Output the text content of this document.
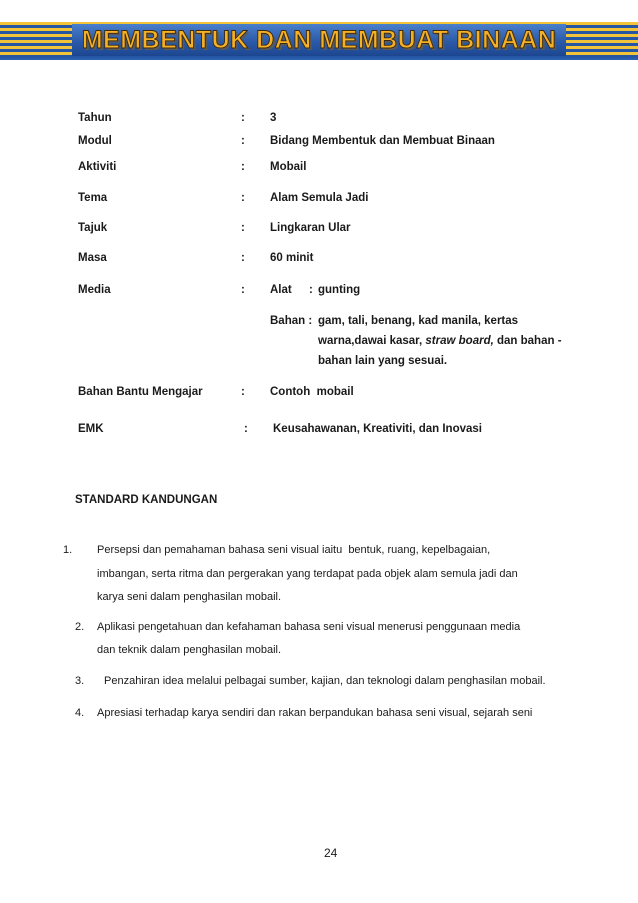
MEMBENTUK DAN MEMBUAT BINAAN
Tahun	: 3
Modul	: Bidang Membentuk dan Membuat Binaan
Aktiviti	: Mobail
Tema	: Alam Semula Jadi
Tajuk	: Lingkaran Ular
Masa	: 60 minit
Media	: Alat : gunting
Bahan : gam, tali, benang, kad manila, kertas
warna,dawai kasar, straw board, dan bahan -
bahan lain yang sesuai.
Bahan Bantu Mengajar	: Contoh  mobail
EMK	: Keusahawanan, Kreativiti, dan Inovasi
STANDARD KANDUNGAN
1. Persepsi dan pemahaman bahasa seni visual iaitu  bentuk, ruang, kepelbagaian,
imbangan, serta ritma dan pergerakan yang terdapat pada objek alam semula jadi dan
karya seni dalam penghasilan mobail.
2. Aplikasi pengetahuan dan kefahaman bahasa seni visual menerusi penggunaan media
dan teknik dalam penghasilan mobail.
3. Penzahiran idea melalui pelbagai sumber, kajian, dan teknologi dalam penghasilan mobail.
4. Apresiasi terhadap karya sendiri dan rakan berpandukan bahasa seni visual, sejarah seni
24
